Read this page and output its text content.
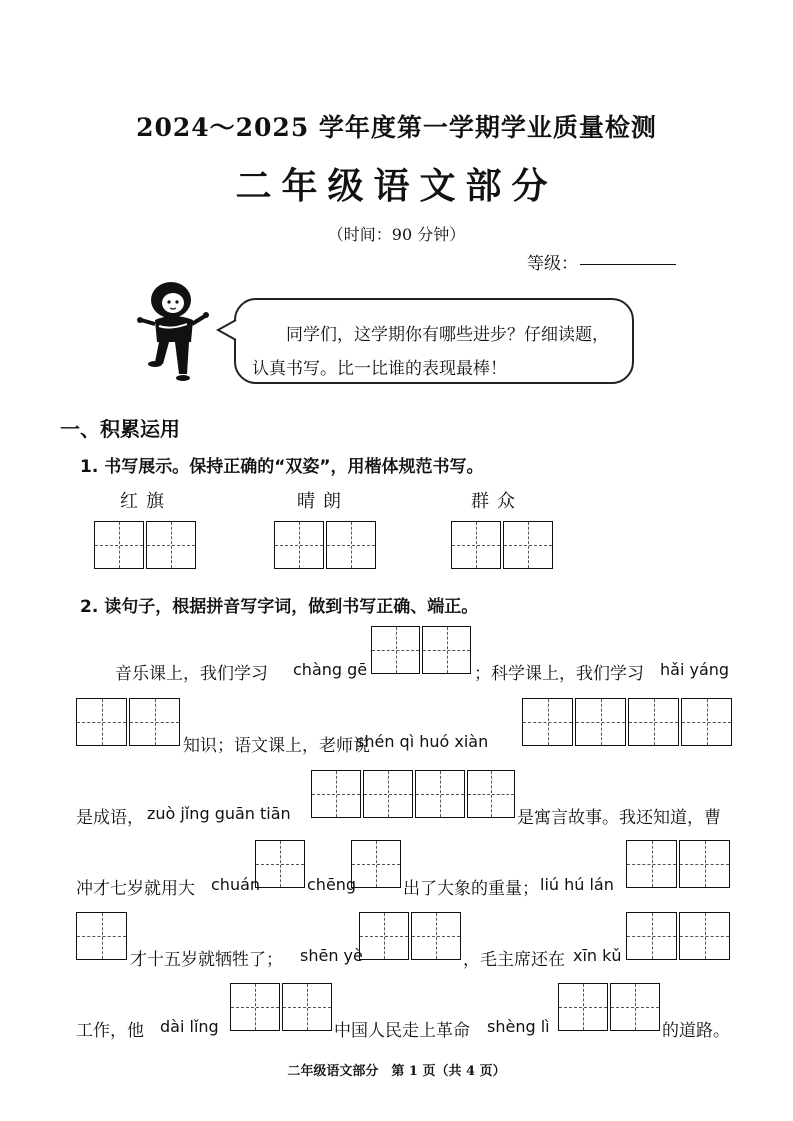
2024～2025 学年度第一学期学业质量检测
二年级语文部分
（时间：90 分钟）
等级：
同学们，这学期你有哪些进步？仔细读题，认真书写。比一比谁的表现最棒！
一、积累运用
1. 书写展示。保持正确的“双姿”，用楷体规范书写。
红旗	晴朗	群众
2. 读句子，根据拼音写字词，做到书写正确、端正。
音乐课上，我们学习 chàng gē	；科学课上，我们学习 hǎi yáng
知识；语文课上，老师说
shén qì huó xiàn
是成语， zuò jǐng guān tiān	是寓言故事。我还知道，曹
冲才七岁就用大 chuán	chēng	出了大象的重量； liú hú lán
才十五岁就牺牲了； shēn yè	，毛主席还在 xīn kǔ
工作，他 dài lǐng	中国人民走上革命 shèng lì	的道路。
二年级语文部分　第 1 页（共 4 页）
